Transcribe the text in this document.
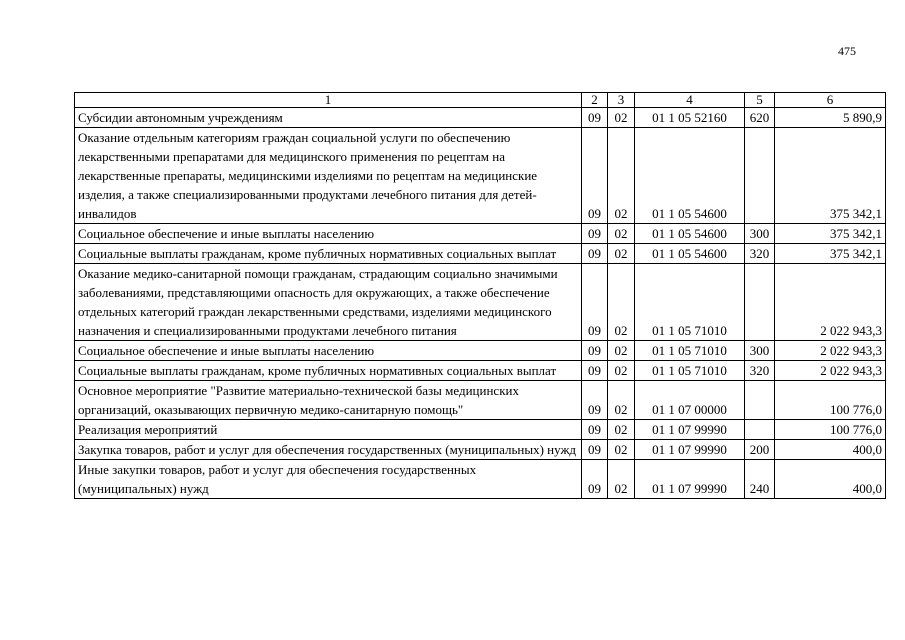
475
1	2	3	4	5	6
Субсидии автономным учреждениям	09	02	01 1 05 52160	620	5 890,9
Оказание отдельным категориям граждан социальной услуги по обеспечению лекарственными препаратами для медицинского применения по рецептам на лекарственные препараты, медицинскими изделиями по рецептам на медицинские изделия, а также специализированными продуктами лечебного питания для детей-инвалидов	09	02	01 1 05 54600		375 342,1
Социальное обеспечение и иные выплаты населению	09	02	01 1 05 54600	300	375 342,1
Социальные выплаты гражданам, кроме публичных нормативных социальных выплат	09	02	01 1 05 54600	320	375 342,1
Оказание медико-санитарной помощи гражданам, страдающим социально значимыми заболеваниями, представляющими опасность для окружающих, а также обеспечение отдельных категорий граждан лекарственными средствами, изделиями медицинского назначения и специализированными продуктами лечебного питания	09	02	01 1 05 71010		2 022 943,3
Социальное обеспечение и иные выплаты населению	09	02	01 1 05 71010	300	2 022 943,3
Социальные выплаты гражданам, кроме публичных нормативных социальных выплат	09	02	01 1 05 71010	320	2 022 943,3
Основное мероприятие "Развитие материально-технической базы медицинских организаций, оказывающих первичную медико-санитарную помощь"	09	02	01 1 07 00000		100 776,0
Реализация мероприятий	09	02	01 1 07 99990		100 776,0
Закупка товаров, работ и услуг для обеспечения государственных (муниципальных) нужд	09	02	01 1 07 99990	200	400,0
Иные закупки товаров, работ и услуг для обеспечения государственных (муниципальных) нужд	09	02	01 1 07 99990	240	400,0
